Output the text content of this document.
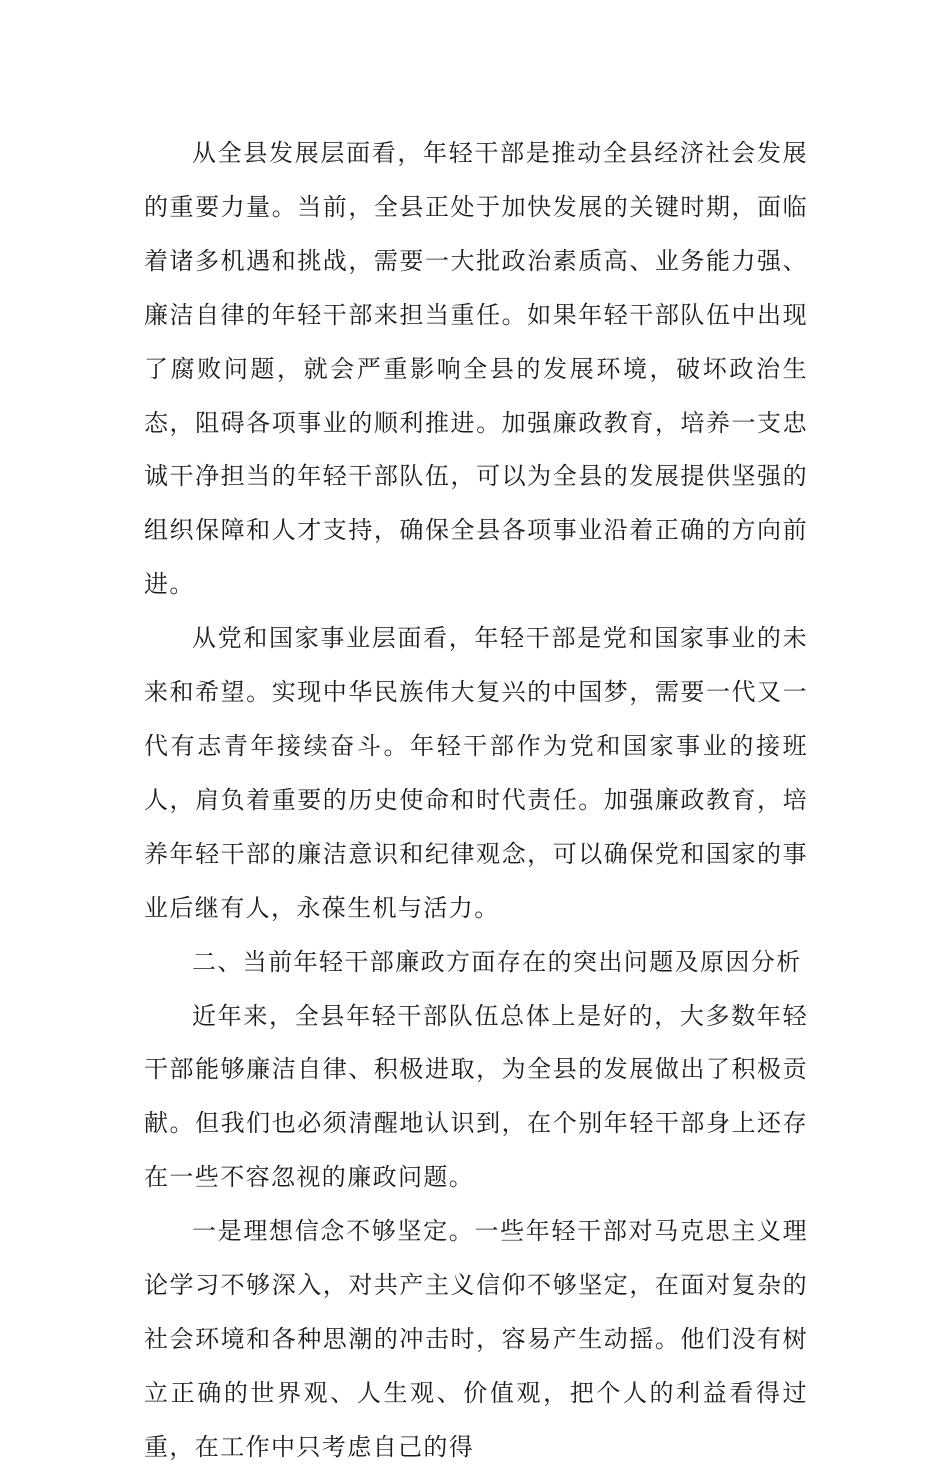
从全县发展层面看，年轻干部是推动全县经济社会发展的重要力量。当前，全县正处于加快发展的关键时期，面临着诸多机遇和挑战，需要一大批政治素质高、业务能力强、廉洁自律的年轻干部来担当重任。如果年轻干部队伍中出现了腐败问题，就会严重影响全县的发展环境，破坏政治生态，阻碍各项事业的顺利推进。加强廉政教育，培养一支忠诚干净担当的年轻干部队伍，可以为全县的发展提供坚强的组织保障和人才支持，确保全县各项事业沿着正确的方向前进。

从党和国家事业层面看，年轻干部是党和国家事业的未来和希望。实现中华民族伟大复兴的中国梦，需要一代又一代有志青年接续奋斗。年轻干部作为党和国家事业的接班人，肩负着重要的历史使命和时代责任。加强廉政教育，培养年轻干部的廉洁意识和纪律观念，可以确保党和国家的事业后继有人，永葆生机与活力。

二、当前年轻干部廉政方面存在的突出问题及原因分析

近年来，全县年轻干部队伍总体上是好的，大多数年轻干部能够廉洁自律、积极进取，为全县的发展做出了积极贡献。但我们也必须清醒地认识到，在个别年轻干部身上还存在一些不容忽视的廉政问题。

一是理想信念不够坚定。一些年轻干部对马克思主义理论学习不够深入，对共产主义信仰不够坚定，在面对复杂的社会环境和各种思潮的冲击时，容易产生动摇。他们没有树立正确的世界观、人生观、价值观，把个人的利益看得过重，在工作中只考虑自己的得
